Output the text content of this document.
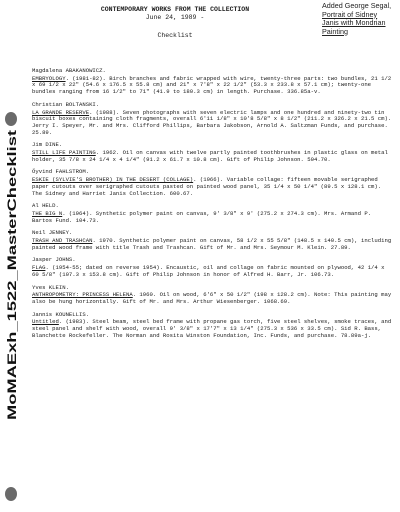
MoMAExh_1522_MasterChecklist
CONTEMPORARY WORKS FROM THE COLLECTION
June 24, 1989 -
Checklist
Added George Segal,
Portrait of Sidney
Janis with Mondrian
Painting
Magdalena ABAKANOWICZ.
EMBRYOLOGY. (1981-82). Birch branches and fabric wrapped with wire, twenty-three parts: two bundles, 21 1/2 x 69 1/2 x 22" (54.6 x 176.5 x 55.8 cm) and 21" x 7'8" x 22 1/2" (53.3 x 233.8 x 57.1 cm); twenty-one bundles ranging from 16 1/2" to 71" (41.9 to 180.3 cm) in length. Purchase. 336.85a-v.
Christian BOLTANSKI.
LA GRANDE RESERVE. (1988). Seven photographs with seven electric lamps and one hundred and ninety-two tin biscuit boxes containing cloth fragments, overall 6'11 1/8" x 10'8 5/8" x 8 1/2" (211.2 x 326.2 x 21.5 cm). Jerry I. Speyer, Mr. and Mrs. Clifford Phillips, Barbara Jakobson, Arnold A. Saltzman Funds, and purchase. 25.89.
Jim DINE.
STILL LIFE PAINTING. 1962. Oil on canvas with twelve partly painted toothbrushes in plastic glass on metal holder, 35 7/8 x 24 1/4 x 4 1/4" (91.2 x 61.7 x 10.8 cm). Gift of Philip Johnson. 504.70.
Öyvind FAHLSTROM.
ESKIE (SYLVIE'S BROTHER) IN THE DESERT (COLLAGE). (1966). Variable collage: fifteen movable serigraphed paper cutouts over serigraphed cutouts pasted on painted wood panel, 35 1/4 x 50 1/4" (89.5 x 128.1 cm). The Sidney and Harriet Janis Collection. 600.67.
Al HELD.
THE BIG N. (1964). Synthetic polymer paint on canvas, 9' 3/8" x 9' (275.2 x 274.3 cm). Mrs. Armand P. Bartos Fund. 104.73.
Neil JENNEY.
TRASH AND TRASHCAN. 1970. Synthetic polymer paint on canvas, 58 1/2 x 55 5/8" (148.5 x 140.5 cm), including painted wood frame with title Trash and Trashcan. Gift of Mr. and Mrs. Seymour M. Klein. 27.89.
Jasper JOHNS.
FLAG. (1954-55; dated on reverse 1954). Encaustic, oil and collage on fabric mounted on plywood, 42 1/4 x 60 5/8" (107.3 x 153.8 cm). Gift of Philip Johnson in honor of Alfred H. Barr, Jr. 106.73.
Yves KLEIN.
ANTHROPOMETRY: PRINCESS HELENA. 1960. Oil on wood, 6'6" x 50 1/2" (198 x 128.2 cm). Note: This painting may also be hung horizontally. Gift of Mr. and Mrs. Arthur Wiesenberger. 1068.69.
Jannis KOUNELLIS.
Untitled. (1983). Steel beam, steel bed frame with propane gas torch, five steel shelves, smoke traces, and steel panel and shelf with wood, overall 9' 3/8" x 17'7" x 13 1/4" (275.3 x 536 x 33.5 cm). Sid R. Bass, Blanchette Rockefeller. The Norman and Rosita Winston Foundation, Inc. Funds, and purchase. 78.89a-j.
